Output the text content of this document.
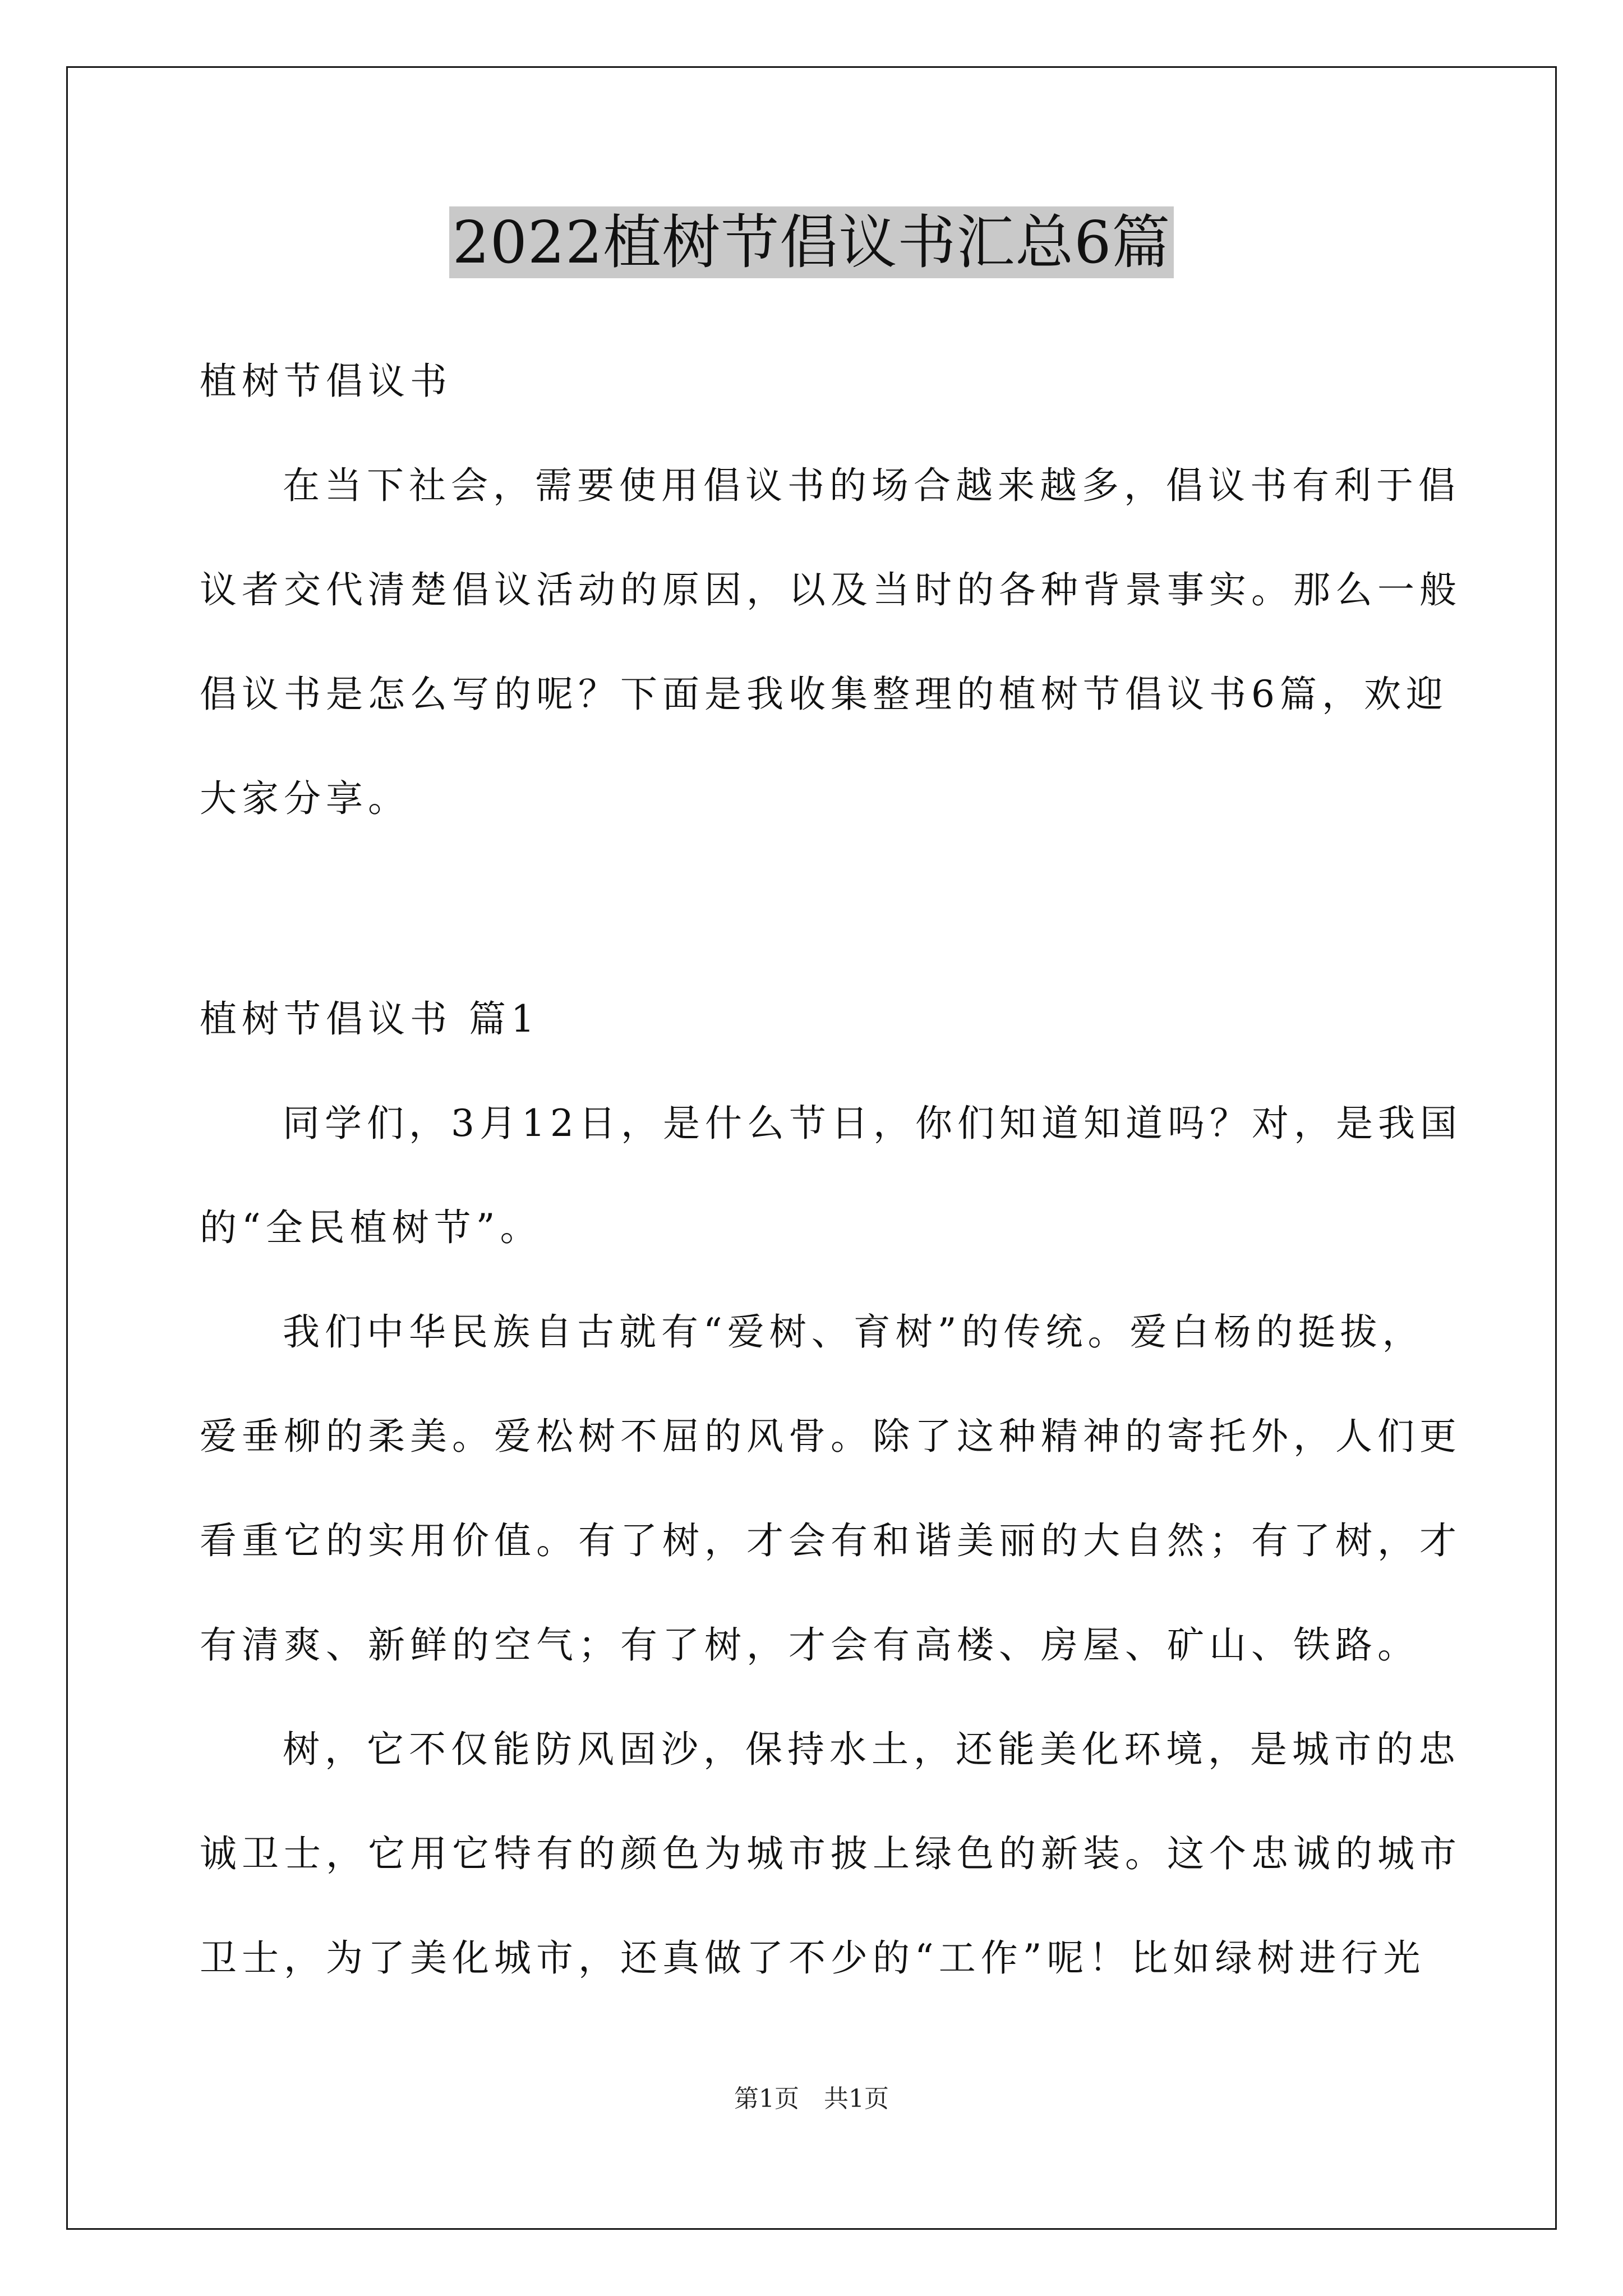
2022植树节倡议书汇总6篇
植树节倡议书
在当下社会，需要使用倡议书的场合越来越多，倡议书有利于倡
议者交代清楚倡议活动的原因，以及当时的各种背景事实。那么一般
倡议书是怎么写的呢？下面是我收集整理的植树节倡议书6篇，欢迎
大家分享。
植树节倡议书 篇1
同学们，3月12日，是什么节日，你们知道知道吗？对，是我国
的“全民植树节”。
我们中华民族自古就有“爱树、育树”的传统。爱白杨的挺拔，
爱垂柳的柔美。爱松树不屈的风骨。除了这种精神的寄托外，人们更
看重它的实用价值。有了树，才会有和谐美丽的大自然；有了树，才
有清爽、新鲜的空气；有了树，才会有高楼、房屋、矿山、铁路。
树，它不仅能防风固沙，保持水土，还能美化环境，是城市的忠
诚卫士，它用它特有的颜色为城市披上绿色的新装。这个忠诚的城市
卫士，为了美化城市，还真做了不少的“工作”呢！比如绿树进行光
第1页　共1页
